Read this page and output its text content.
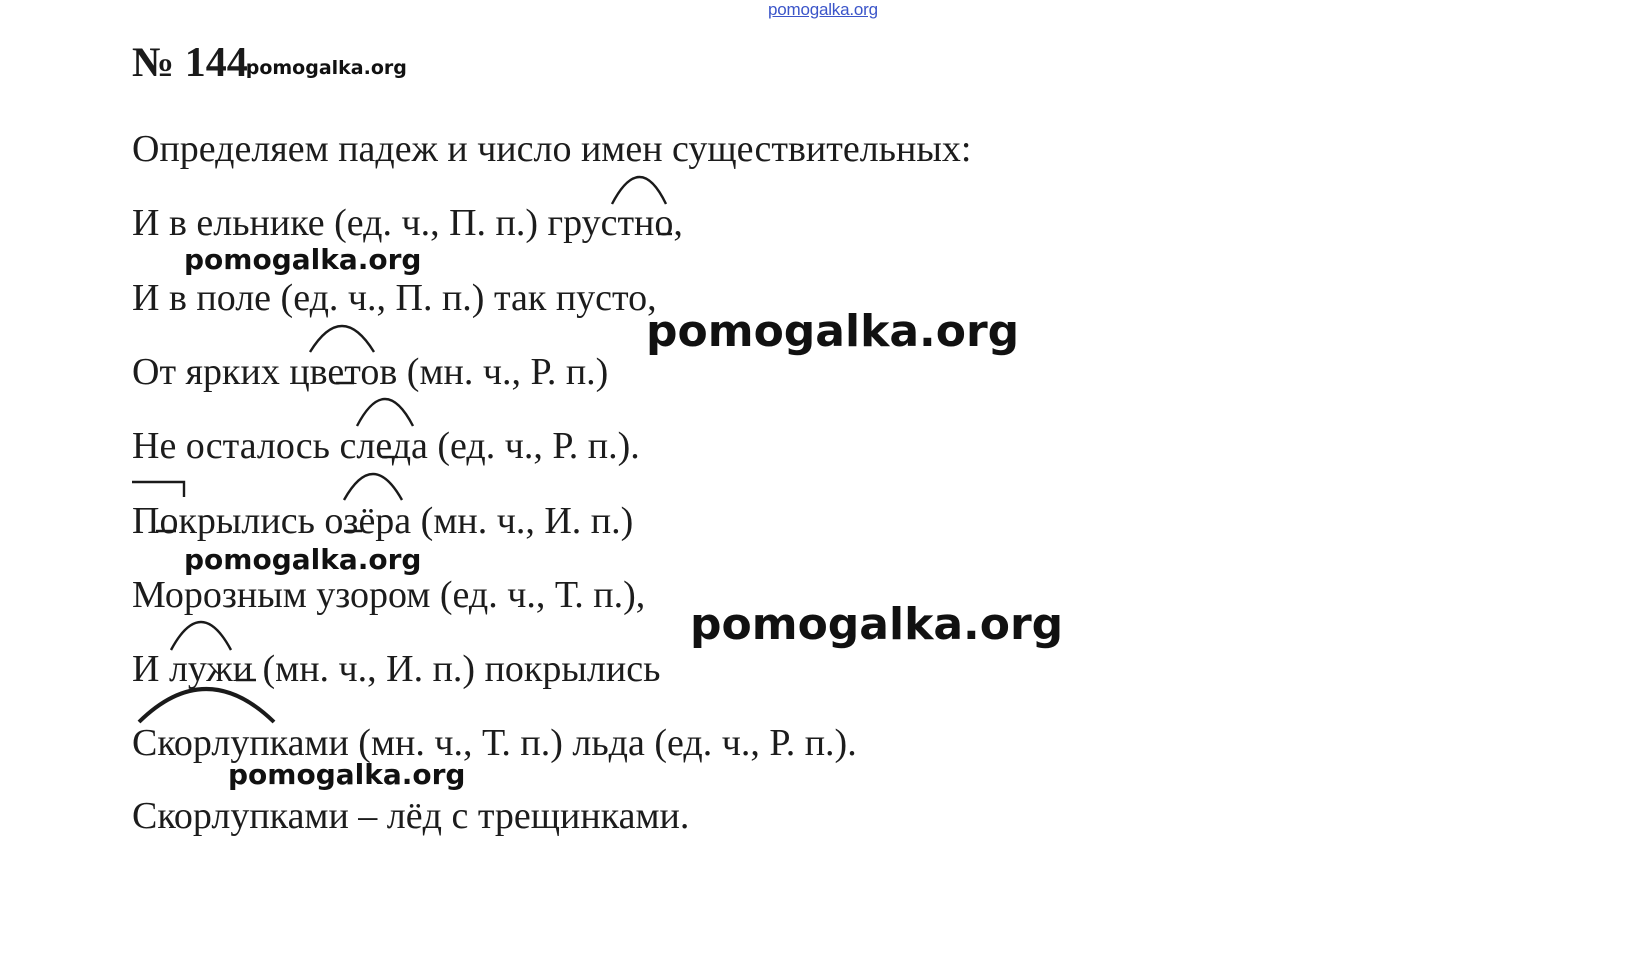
pomogalka.org
№ 144pomogalka.org
Определяем падеж и число имен существительных:
И в ельнике (ед. ч., П. п.) грустно,
И в поле (ед. ч., П. п.) так пусто,
От ярких цветов (мн. ч., Р. п.)
Не осталось следа (ед. ч., Р. п.).
Покрылись озёра (мн. ч., И. п.)
Морозным узором (ед. ч., Т. п.),
И лужи (мн. ч., И. п.) покрылись
Скорлупками (мн. ч., Т. п.) льда (ед. ч., Р. п.).
Скорлупками – лёд с трещинками.
pomogalka.org
pomogalka.org
pomogalka.org
pomogalka.org
pomogalka.org
